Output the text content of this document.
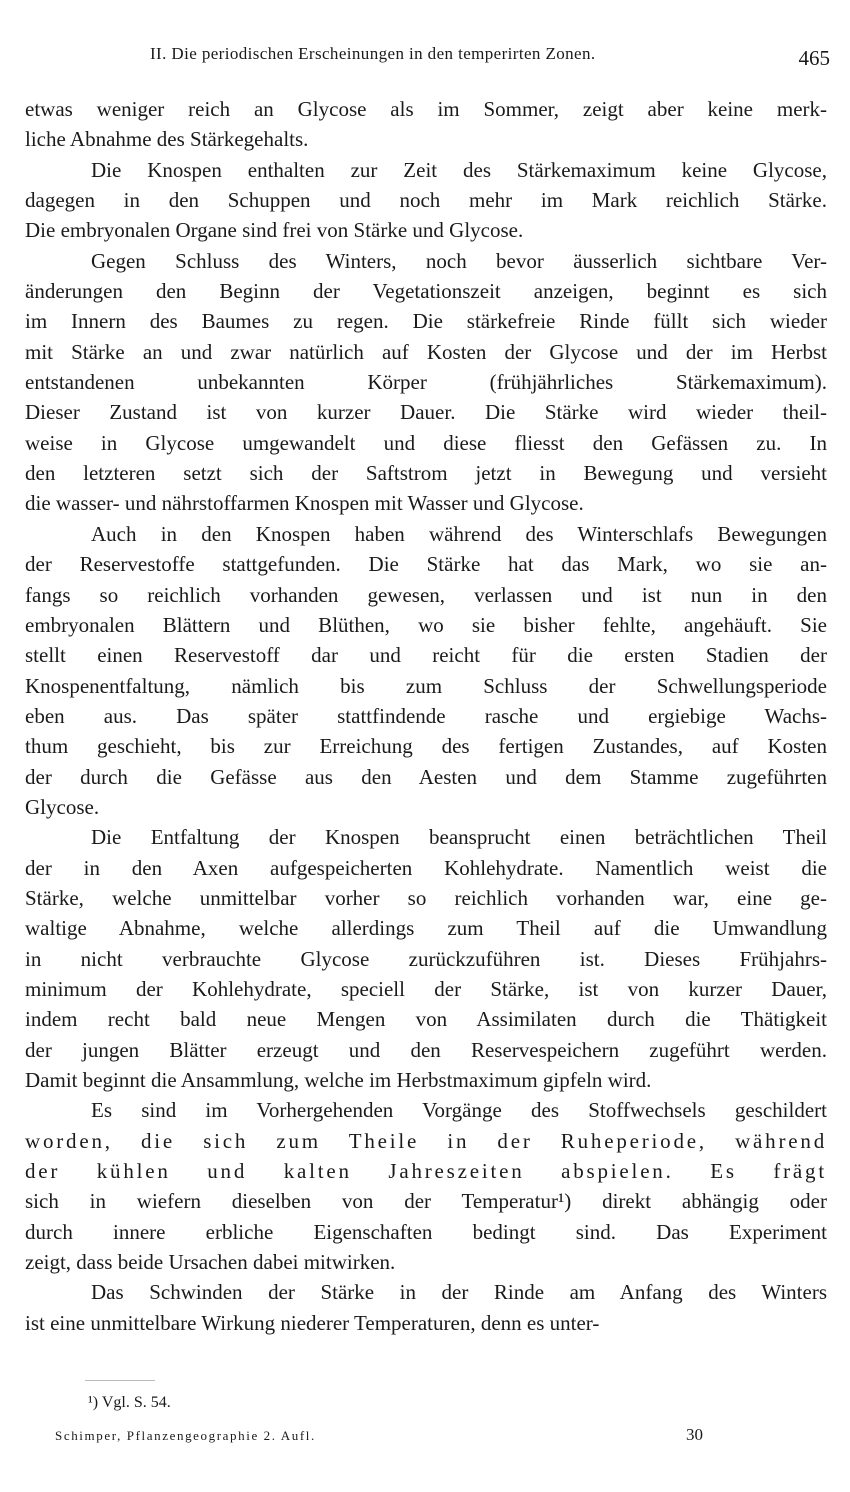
II. Die periodischen Erscheinungen in den temperirten Zonen.	465
etwas weniger reich an Glycose als im Sommer, zeigt aber keine merk-
liche Abnahme des Stärkegehalts.
Die Knospen enthalten zur Zeit des Stärkemaximum keine Glycose,
dagegen in den Schuppen und noch mehr im Mark reichlich Stärke.
Die embryonalen Organe sind frei von Stärke und Glycose.
Gegen Schluss des Winters, noch bevor äusserlich sichtbare Ver-
änderungen den Beginn der Vegetationszeit anzeigen, beginnt es sich
im Innern des Baumes zu regen. Die stärkefreie Rinde füllt sich wieder
mit Stärke an und zwar natürlich auf Kosten der Glycose und der im Herbst
entstandenen unbekannten Körper (frühjährliches Stärkemaximum).
Dieser Zustand ist von kurzer Dauer. Die Stärke wird wieder theil-
weise in Glycose umgewandelt und diese fliesst den Gefässen zu. In
den letzteren setzt sich der Saftstrom jetzt in Bewegung und versieht
die wasser- und nährstoffarmen Knospen mit Wasser und Glycose.
Auch in den Knospen haben während des Winterschlafs Bewegungen
der Reservestoffe stattgefunden. Die Stärke hat das Mark, wo sie an-
fangs so reichlich vorhanden gewesen, verlassen und ist nun in den
embryonalen Blättern und Blüthen, wo sie bisher fehlte, angehäuft. Sie
stellt einen Reservestoff dar und reicht für die ersten Stadien der
Knospenentfaltung, nämlich bis zum Schluss der Schwellungsperiode
eben aus. Das später stattfindende rasche und ergiebige Wachs-
thum geschieht, bis zur Erreichung des fertigen Zustandes, auf Kosten
der durch die Gefässe aus den Aesten und dem Stamme zugeführten
Glycose.
Die Entfaltung der Knospen beansprucht einen beträchtlichen Theil
der in den Axen aufgespeicherten Kohlehydrate. Namentlich weist die
Stärke, welche unmittelbar vorher so reichlich vorhanden war, eine ge-
waltige Abnahme, welche allerdings zum Theil auf die Umwandlung
in nicht verbrauchte Glycose zurückzuführen ist. Dieses Frühjahrs-
minimum der Kohlehydrate, speciell der Stärke, ist von kurzer Dauer,
indem recht bald neue Mengen von Assimilaten durch die Thätigkeit
der jungen Blätter erzeugt und den Reservespeichern zugeführt werden.
Damit beginnt die Ansammlung, welche im Herbstmaximum gipfeln wird.
Es sind im Vorhergehenden Vorgänge des Stoffwechsels geschildert
worden, die sich zum Theile in der Ruheperiode, während
der kühlen und kalten Jahreszeiten abspielen. Es frägt
sich in wiefern dieselben von der Temperatur¹) direkt abhängig oder
durch innere erbliche Eigenschaften bedingt sind. Das Experiment
zeigt, dass beide Ursachen dabei mitwirken.
Das Schwinden der Stärke in der Rinde am Anfang des Winters
ist eine unmittelbare Wirkung niederer Temperaturen, denn es unter-
¹) Vgl. S. 54.
Schimper, Pflanzengeographie 2. Aufl.	30
